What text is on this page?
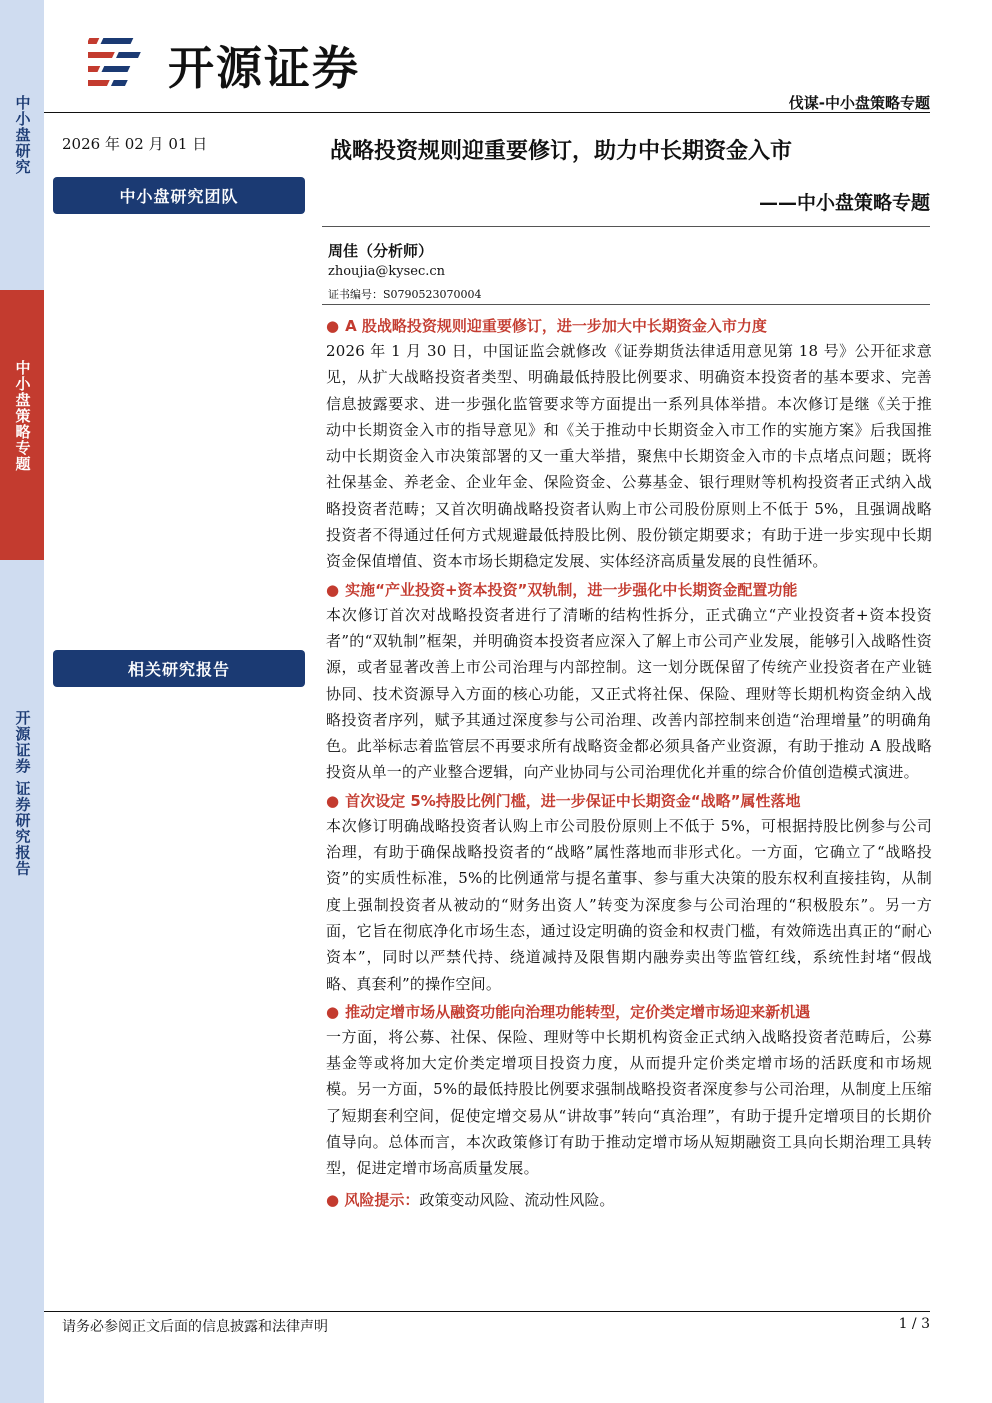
中小盘研究
中小盘策略专题
开源证券 证券研究报告
开源证券
伐谋-中小盘策略专题
2026 年 02 月 01 日
中小盘研究团队
相关研究报告
战略投资规则迎重要修订，助力中长期资金入市
——中小盘策略专题
周佳（分析师）
zhoujia@kysec.cn
证书编号：S0790523070004
● A 股战略投资规则迎重要修订，进一步加大中长期资金入市力度

2026 年 1 月 30 日，中国证监会就修改《证券期货法律适用意见第 18 号》公开征求意见，从扩大战略投资者类型、明确最低持股比例要求、明确资本投资者的基本要求、完善信息披露要求、进一步强化监管要求等方面提出一系列具体举措。本次修订是继《关于推动中长期资金入市的指导意见》和《关于推动中长期资金入市工作的实施方案》后我国推动中长期资金入市决策部署的又一重大举措，聚焦中长期资金入市的卡点堵点问题；既将社保基金、养老金、企业年金、保险资金、公募基金、银行理财等机构投资者正式纳入战略投资者范畴；又首次明确战略投资者认购上市公司股份原则上不低于 5%，且强调战略投资者不得通过任何方式规避最低持股比例、股份锁定期要求；有助于进一步实现中长期资金保值增值、资本市场长期稳定发展、实体经济高质量发展的良性循环。

● 实施“产业投资+资本投资”双轨制，进一步强化中长期资金配置功能

本次修订首次对战略投资者进行了清晰的结构性拆分，正式确立“产业投资者+资本投资者”的“双轨制”框架，并明确资本投资者应深入了解上市公司产业发展，能够引入战略性资源，或者显著改善上市公司治理与内部控制。这一划分既保留了传统产业投资者在产业链协同、技术资源导入方面的核心功能，又正式将社保、保险、理财等长期机构资金纳入战略投资者序列，赋予其通过深度参与公司治理、改善内部控制来创造“治理增量”的明确角色。此举标志着监管层不再要求所有战略资金都必须具备产业资源，有助于推动 A 股战略投资从单一的产业整合逻辑，向产业协同与公司治理优化并重的综合价值创造模式演进。

● 首次设定 5%持股比例门槛，进一步保证中长期资金“战略”属性落地

本次修订明确战略投资者认购上市公司股份原则上不低于 5%，可根据持股比例参与公司治理，有助于确保战略投资者的“战略”属性落地而非形式化。一方面，它确立了“战略投资”的实质性标准，5%的比例通常与提名董事、参与重大决策的股东权利直接挂钩，从制度上强制投资者从被动的“财务出资人”转变为深度参与公司治理的“积极股东”。另一方面，它旨在彻底净化市场生态，通过设定明确的资金和权责门槛，有效筛选出真正的“耐心资本”，同时以严禁代持、绕道减持及限售期内融券卖出等监管红线，系统性封堵“假战略、真套利”的操作空间。

● 推动定增市场从融资功能向治理功能转型，定价类定增市场迎来新机遇

一方面，将公募、社保、保险、理财等中长期机构资金正式纳入战略投资者范畴后，公募基金等或将加大定价类定增项目投资力度，从而提升定价类定增市场的活跃度和市场规模。另一方面，5%的最低持股比例要求强制战略投资者深度参与公司治理，从制度上压缩了短期套利空间，促使定增交易从“讲故事”转向“真治理”，有助于提升定增项目的长期价值导向。总体而言，本次政策修订有助于推动定增市场从短期融资工具向长期治理工具转型，促进定增市场高质量发展。

● 风险提示：政策变动风险、流动性风险。
请务必参阅正文后面的信息披露和法律声明	1 / 3
